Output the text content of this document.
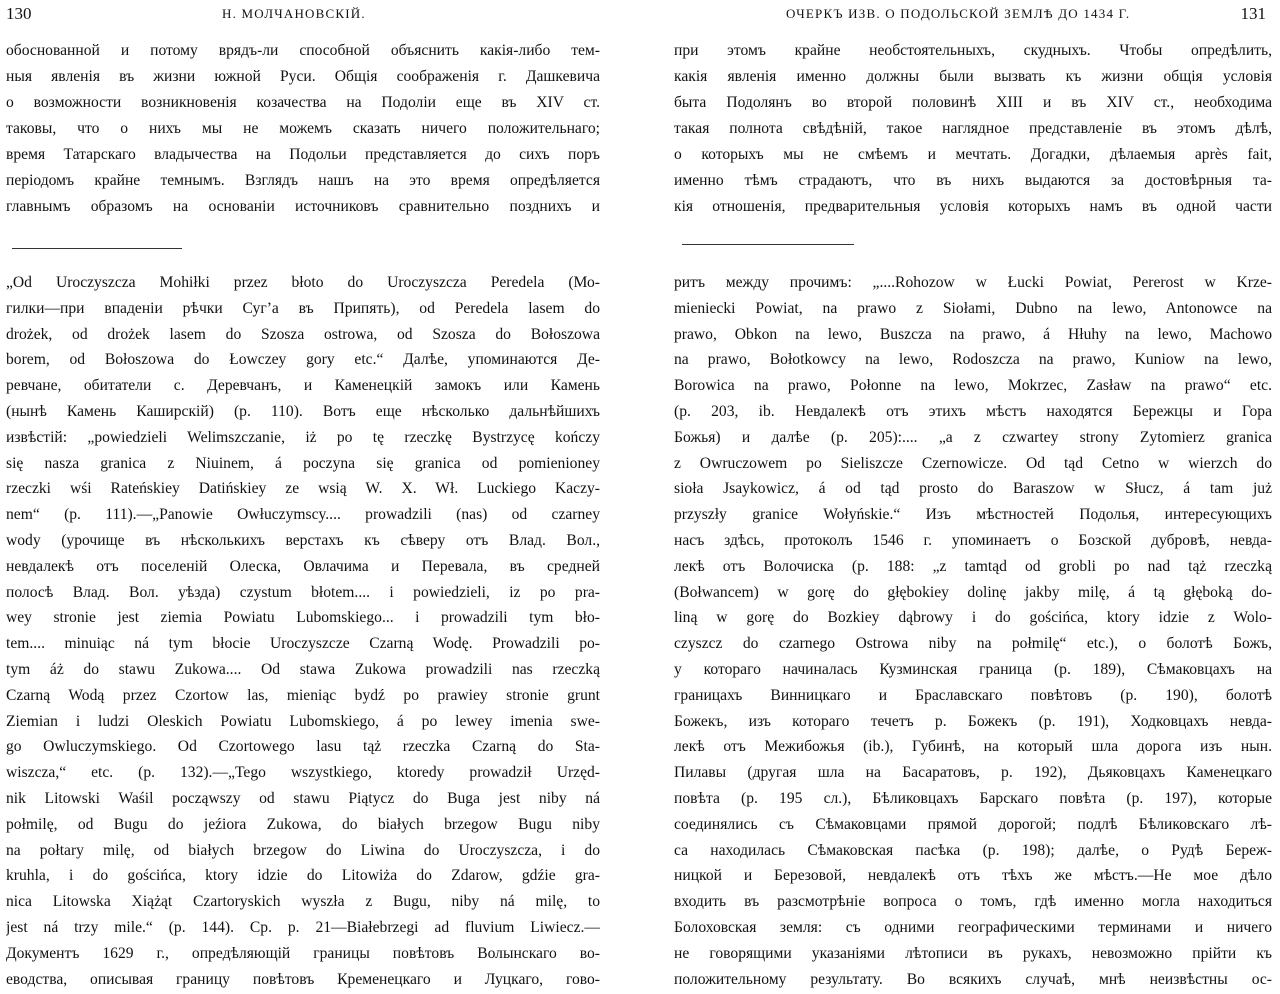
130	Н. МОЛЧАНОВСКІЙ.
обоснованной и потому врядъ-ли способной объяснить какія-либо тем-
ныя явленія въ жизни южной Руси. Общія соображенія г. Дашкевича
о возможности возникновенія козачества на Подоліи еще въ XIV ст.
таковы, что о нихъ мы не можемъ сказать ничего положительнаго;
время Татарскаго владычества на Подольи представляется до сихъ поръ
періодомъ крайне темнымъ. Взглядъ нашъ на это время опредѣляется
главнымъ образомъ на основаніи источниковъ сравнительно позднихъ и
„Od Uroczyszcza Mohiłki przez błoto do Uroczyszcza Peredela (Мо-
гилки—при впаденіи рѣчки Сугʼа въ Припять), od Peredela lasem do
drożek, od drożek lasem do Szosza ostrowa, od Szosza do Bołoszowa
borem, od Bołoszowa do Łowczey gory etc.“ Далѣе, упоминаются Де-
ревчане, обитатели с. Деревчанъ, и Каменецкій замокъ или Камень
(нынѣ Камень Каширскій) (p. 110). Вотъ еще нѣсколько дальнѣйшихъ
извѣстій: „powiedzieli Welimszczanie, iż po tę rzeczkę Bystrzycę kończy
się nasza granica z Niuinem, á poczyna się granica od pomienioney
rzeczki wśi Rateńskiey Datińskiey ze wsią W. X. Wł. Luckiego Kaczy-
nem“ (p. 111).—„Panowie Owłuczymscy.... prowadzili (nas) od czarney
wody (урочище въ нѣсколькихъ верстахъ къ сѣверу отъ Влад. Вол.,
невдалекѣ отъ поселеній Олеска, Овлачима и Перевала, въ средней
полосѣ Влад. Вол. уѣзда) czystum błotem.... i powiedzieli, iz po pra-
wey stronie jest ziemia Powiatu Lubomskiego... i prowadzili tym bło-
tem.... minuiąc ná tym błocie Uroczyszcze Czarną Wodę. Prowadzili po-
tym áż do stawu Zukowa.... Od stawa Zukowa prowadzili nas rzeczką
Czarną Wodą przez Czortow las, mieniąc bydź po prawiey stronie grunt
Ziemian i ludzi Oleskich Powiatu Lubomskiego, á po lewey imenia swe-
go Owluczymskiego. Od Czortowego lasu tąż rzeczka Czarną do Sta-
wiszcza,“ etc. (p. 132).—„Tego wszystkiego, ktoredy prowadził Urzęd-
nik Litowski Waśil począwszy od stawu Piątycz do Buga jest niby ná
połmilę, od Bugu do jeźiora Zukowa, do białych brzegow Bugu niby
na połtary milę, od białych brzegow do Liwina do Uroczyszcza, i do
kruhla, i do gościńca, ktory idzie do Litowiża do Zdarow, gdźie gra-
nica Litowska Xiążąt Czartoryskich wyszła z Bugu, niby ná milę, to
jest ná trzy mile.“ (p. 144). Ср. p. 21—Białebrzegi ad fluvium Liwiecz.—
Документъ 1629 г., опредѣляющій границы повѣтовъ Волынскаго во-
еводства, описывая границу повѣтовъ Кременецкаго и Луцкаго, гово-
ОЧЕРКЪ ИЗВ. О ПОДОЛЬСКОЙ ЗЕМЛѢ ДО 1434 Г.	131
при этомъ крайне необстоятельныхъ, скудныхъ. Чтобы опредѣлить,
какія явленія именно должны были вызвать къ жизни общія условія
быта Подолянъ во второй половинѣ XIII и въ XIV ст., необходима
такая полнота свѣдѣній, такое наглядное представленіе въ этомъ дѣлѣ,
о которыхъ мы не смѣемъ и мечтать. Догадки, дѣлаемыя après fait,
именно тѣмъ страдаютъ, что въ нихъ выдаются за достовѣрныя та-
кія отношенія, предварительныя условія которыхъ намъ въ одной части
ритъ между прочимъ: „....Rohozow w Łucki Powiat, Pererost w Krze-
mieniecki Powiat, na prawo z Siołami, Dubno na lewo, Antonowce na
prawo, Obkon na lewo, Buszcza na prawo, á Hłuhy na lewo, Machowo
na prawo, Bołotkowcy na lewo, Rodoszcza na prawo, Kuniow na lewo,
Borowica na prawo, Połonne na lewo, Mokrzec, Zasław na prawo“ etc.
(p. 203, ib. Невдалекѣ отъ этихъ мѣстъ находятся Бережцы и Гора
Божья) и далѣе (p. 205):.... „a z czwartey strony Zytomierz granica
z Owruczowem po Sieliszcze Czernowicze. Od tąd Cetno w wierzch do
sioła Jsaykowicz, á od tąd prosto do Baraszow w Słucz, á tam już
przyszły granice Wołyńskie.“ Изъ мѣстностей Подолья, интересующихъ
насъ здѣсь, протоколъ 1546 г. упоминаетъ о Бозской дубровѣ, невда-
лекѣ отъ Волочиска (p. 188: „z tamtąd od grobli po nad tąż rzeczką
(Bołwancem) w gorę do głębokiey dolinę jakby milę, á tą głęboką do-
liną w gorę do Bozkiey dąbrowy i do gościńca, ktory idzie z Wolo-
czyszcz do czarnego Ostrowa niby na połmilę“ etc.), о болотѣ Божъ,
у котораго начиналась Кузминская граница (p. 189), Сѣмаковцахъ на
границахъ Винницкаго и Браславскаго повѣтовъ (p. 190), болотѣ
Божекъ, изъ котораго течетъ р. Божекъ (p. 191), Ходковцахъ невда-
лекѣ отъ Межибожья (ib.), Губинѣ, на который шла дорога изъ нын.
Пилавы (другая шла на Басаратовъ, p. 192), Дьяковцахъ Каменецкаго
повѣта (p. 195 сл.), Бѣликовцахъ Барскаго повѣта (p. 197), которые
соединялись съ Сѣмаковцами прямой дорогой; подлѣ Бѣликовскаго лѣ-
са находилась Сѣмаковская пасѣка (p. 198); далѣе, о Рудѣ Береж-
ницкой и Березовой, невдалекѣ отъ тѣхъ же мѣстъ.—Не мое дѣло
входить въ разсмотрѣніе вопроса о томъ, гдѣ именно могла находиться
Болоховская земля: съ одними географическими терминами и ничего
не говорящими указаніями лѣтописи въ рукахъ, невозможно прійти къ
положительному результату. Во всякихъ случаѣ, мнѣ неизвѣстны ос-
